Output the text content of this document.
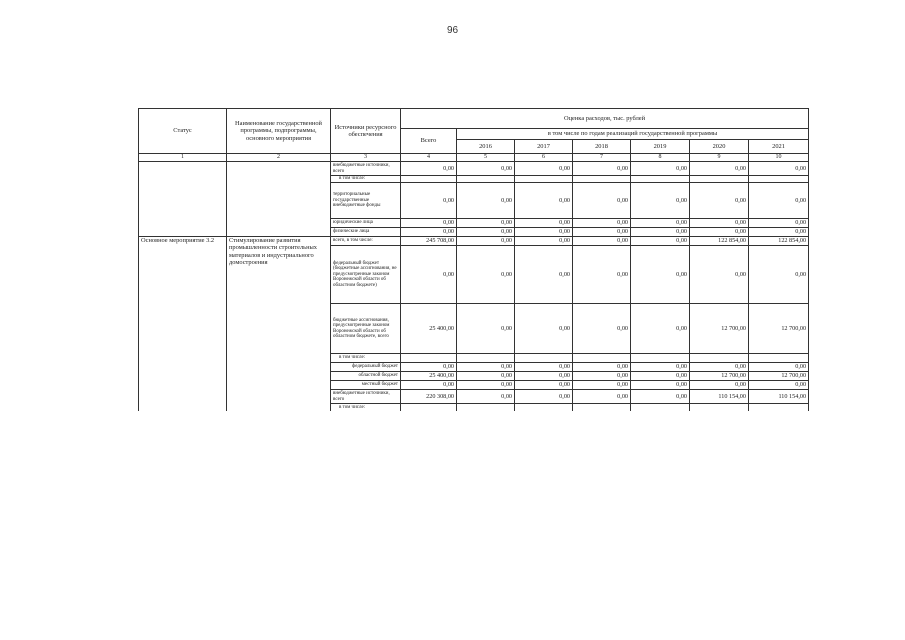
96
Статус	Наименование государственной программы, подпрограммы, основного мероприятия	Источники ресурсного обеспечения	Оценка расходов, тыс. рублей						
			Всего	в том числе по годам реализаций государственной программы					
				2016	2017	2018	2019	2020	2021
1	2	3	4	5	6	7	8	9	10
		внебюджетные источники, всего	0,00	0,00	0,00	0,00	0,00	0,00	0,00
		в том числе:							
		территориальные государственные внебюджетные фонды	0,00	0,00	0,00	0,00	0,00	0,00	0,00
		юридические лица	0,00	0,00	0,00	0,00	0,00	0,00	0,00
		физические лица	0,00	0,00	0,00	0,00	0,00	0,00	0,00
Основное мероприятие 3.2	Стимулирование развития промышленности строительных материалов и индустриального домостроения	всего, в том числе:	245 708,00	0,00	0,00	0,00	0,00	122 854,00	122 854,00
		федеральный бюджет (бюджетные ассигнования, не предусмотренные законом Воронежской области об областном бюджете)	0,00	0,00	0,00	0,00	0,00	0,00	0,00
		бюджетные ассигнования, предусмотренные законом Воронежской области об областном бюджете, всего	25 400,00	0,00	0,00	0,00	0,00	12 700,00	12 700,00
		в том числе:							
		федеральный бюджет	0,00	0,00	0,00	0,00	0,00	0,00	0,00
		областной бюджет	25 400,00	0,00	0,00	0,00	0,00	12 700,00	12 700,00
		местный бюджет	0,00	0,00	0,00	0,00	0,00	0,00	0,00
		внебюджетные источники, всего	220 308,00	0,00	0,00	0,00	0,00	110 154,00	110 154,00
		в том числе:							
